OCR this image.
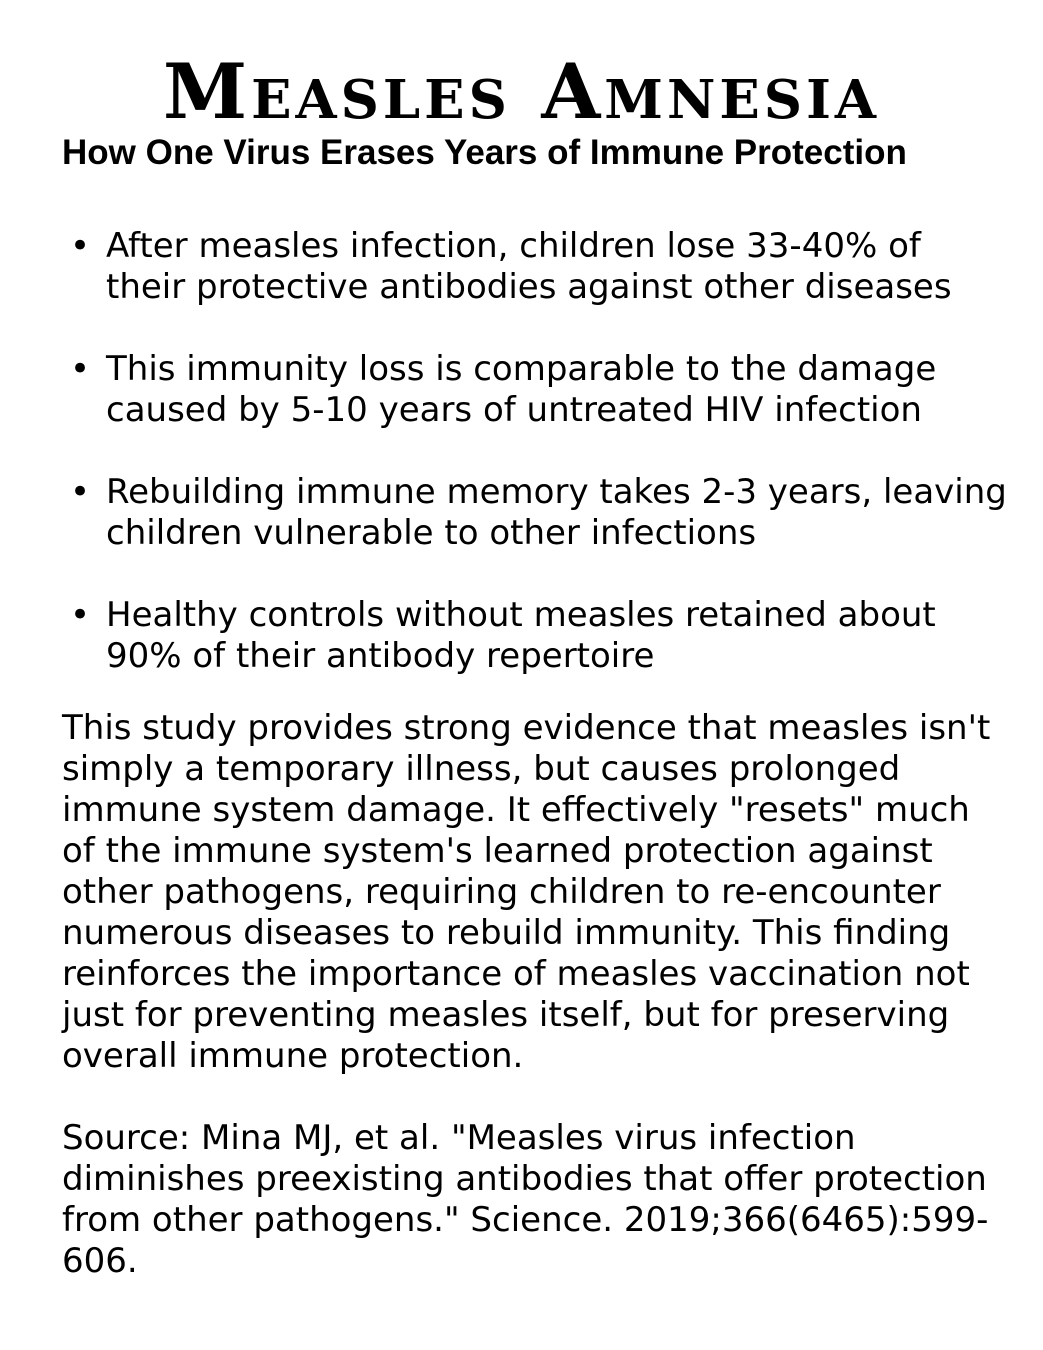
Measles Amnesia
How One Virus Erases Years of Immune Protection
• After measles infection, children lose 33-40% of their protective antibodies against other diseases
• This immunity loss is comparable to the damage caused by 5-10 years of untreated HIV infection
• Rebuilding immune memory takes 2-3 years, leaving children vulnerable to other infections
• Healthy controls without measles retained about 90% of their antibody repertoire

This study provides strong evidence that measles isn't simply a temporary illness, but causes prolonged immune system damage. It effectively "resets" much of the immune system's learned protection against other pathogens, requiring children to re-encounter numerous diseases to rebuild immunity. This finding reinforces the importance of measles vaccination not just for preventing measles itself, but for preserving overall immune protection.

Source: Mina MJ, et al. "Measles virus infection diminishes preexisting antibodies that offer protection from other pathogens." Science. 2019;366(6465):599-606.
